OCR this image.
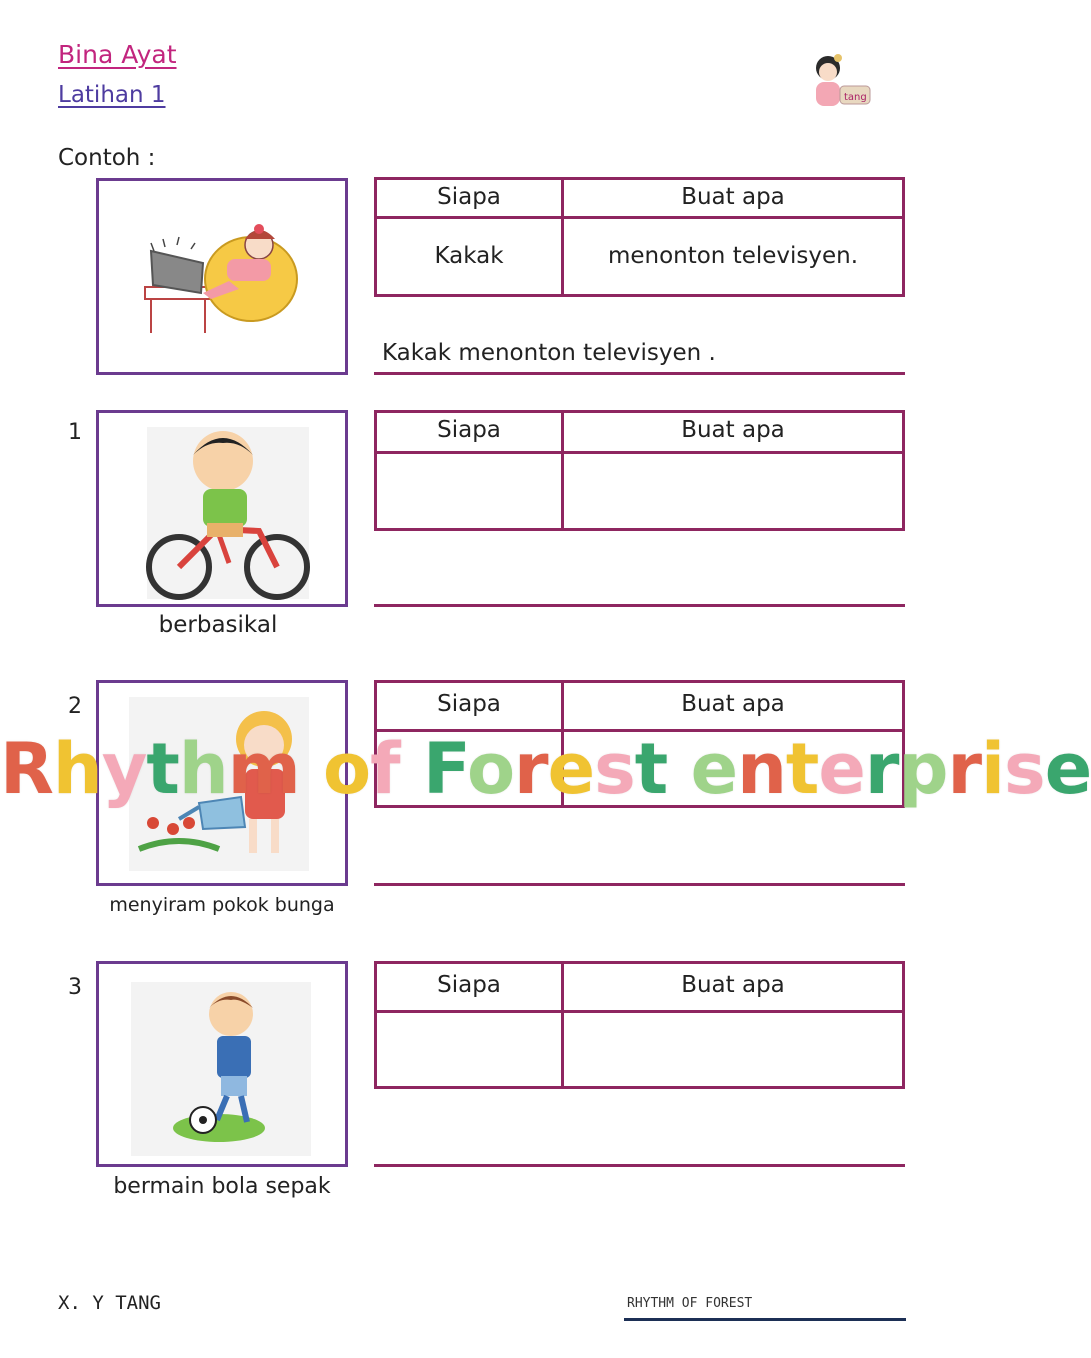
Bina Ayat
Latihan 1	tang
Contoh :
Siapa	Buat apa
Kakak	menonton televisyen.
Kakak menonton televisyen .
1
berbasikal
Siapa	Buat apa
2
menyiram pokok bunga
Siapa	Buat apa
3
bermain bola sepak
Siapa	Buat apa
Rhythm of Forest enterprise
X. Y TANG	RHYTHM OF FOREST
